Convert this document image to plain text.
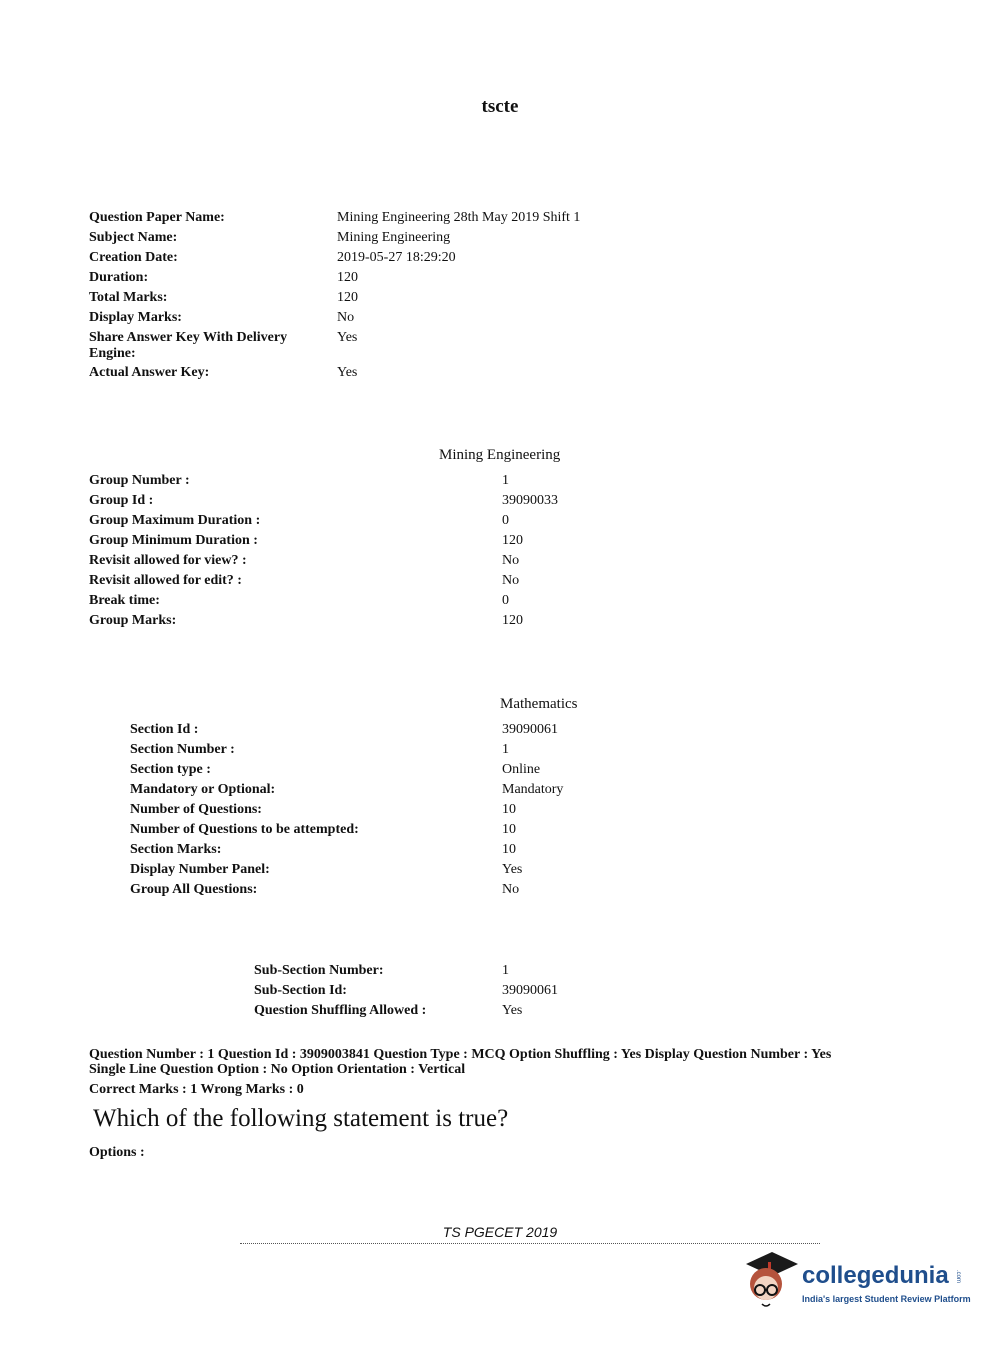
tscte
Question Paper Name:	Mining Engineering 28th May 2019 Shift 1
Subject Name:	Mining Engineering
Creation Date:	2019-05-27 18:29:20
Duration:	120
Total Marks:	120
Display Marks:	No
Share Answer Key With Delivery Engine:
Yes
Actual Answer Key:	Yes
Mining Engineering
Group Number :	1
Group Id :	39090033
Group Maximum Duration :	0
Group Minimum Duration :	120
Revisit allowed for view? :	No
Revisit allowed for edit? :	No
Break time:	0
Group Marks:	120
Mathematics
Section Id :	39090061
Section Number :	1
Section type :	Online
Mandatory or Optional:	Mandatory
Number of Questions:	10
Number of Questions to be attempted:	10
Section Marks:	10
Display Number Panel:	Yes
Group All Questions:	No
Sub-Section Number:	1
Sub-Section Id:	39090061
Question Shuffling Allowed :	Yes
Question Number : 1 Question Id : 3909003841 Question Type : MCQ Option Shuffling : Yes Display Question Number : Yes
Single Line Question Option : No Option Orientation : Vertical
Correct Marks : 1 Wrong Marks : 0
Which of the following statement is true?
Options :
TS PGECET 2019
collegedunia .com
India's largest Student Review Platform
